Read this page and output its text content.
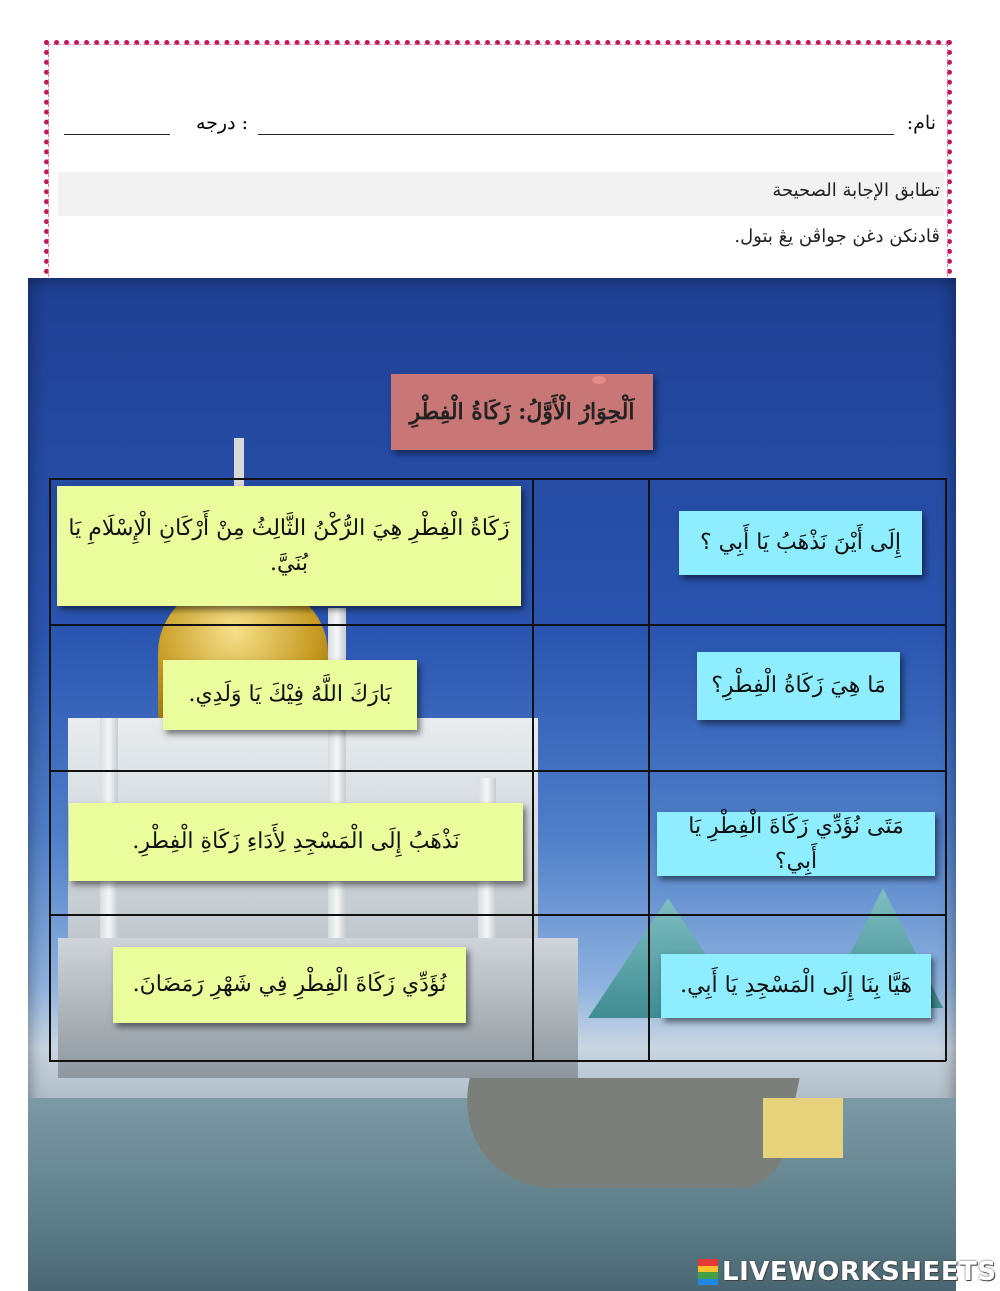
نام:
درجه :
تطابق الإجابة الصحيحة
ڤادنكن دغن جواڤن يڠ بتول.
اَلْحِوَارُ الْأَوَّلُ: زَكَاةُ الْفِطْرِ
زَكَاةُ الْفِطْرِ هِيَ الرُّكْنُ الثَّالِثُ مِنْ أَرْكَانِ الْإِسْلَامِ يَا بُنَيَّ.
بَارَكَ اللَّهُ فِيْكَ يَا وَلَدِي.
نَذْهَبُ إِلَى الْمَسْجِدِ لِأَدَاءِ زَكَاةِ الْفِطْرِ.
نُؤَدِّي زَكَاةَ الْفِطْرِ فِي شَهْرِ رَمَضَانَ.
إِلَى أَيْنَ نَذْهَبُ يَا أَبِي ؟
مَا هِيَ زَكَاةُ الْفِطْرِ؟
مَتَى نُؤَدِّي زَكَاةَ الْفِطْرِ يَا أَبِي؟
هَيَّا بِنَا إِلَى الْمَسْجِدِ يَا أَبِي.
LIVEWORKSHEETS
